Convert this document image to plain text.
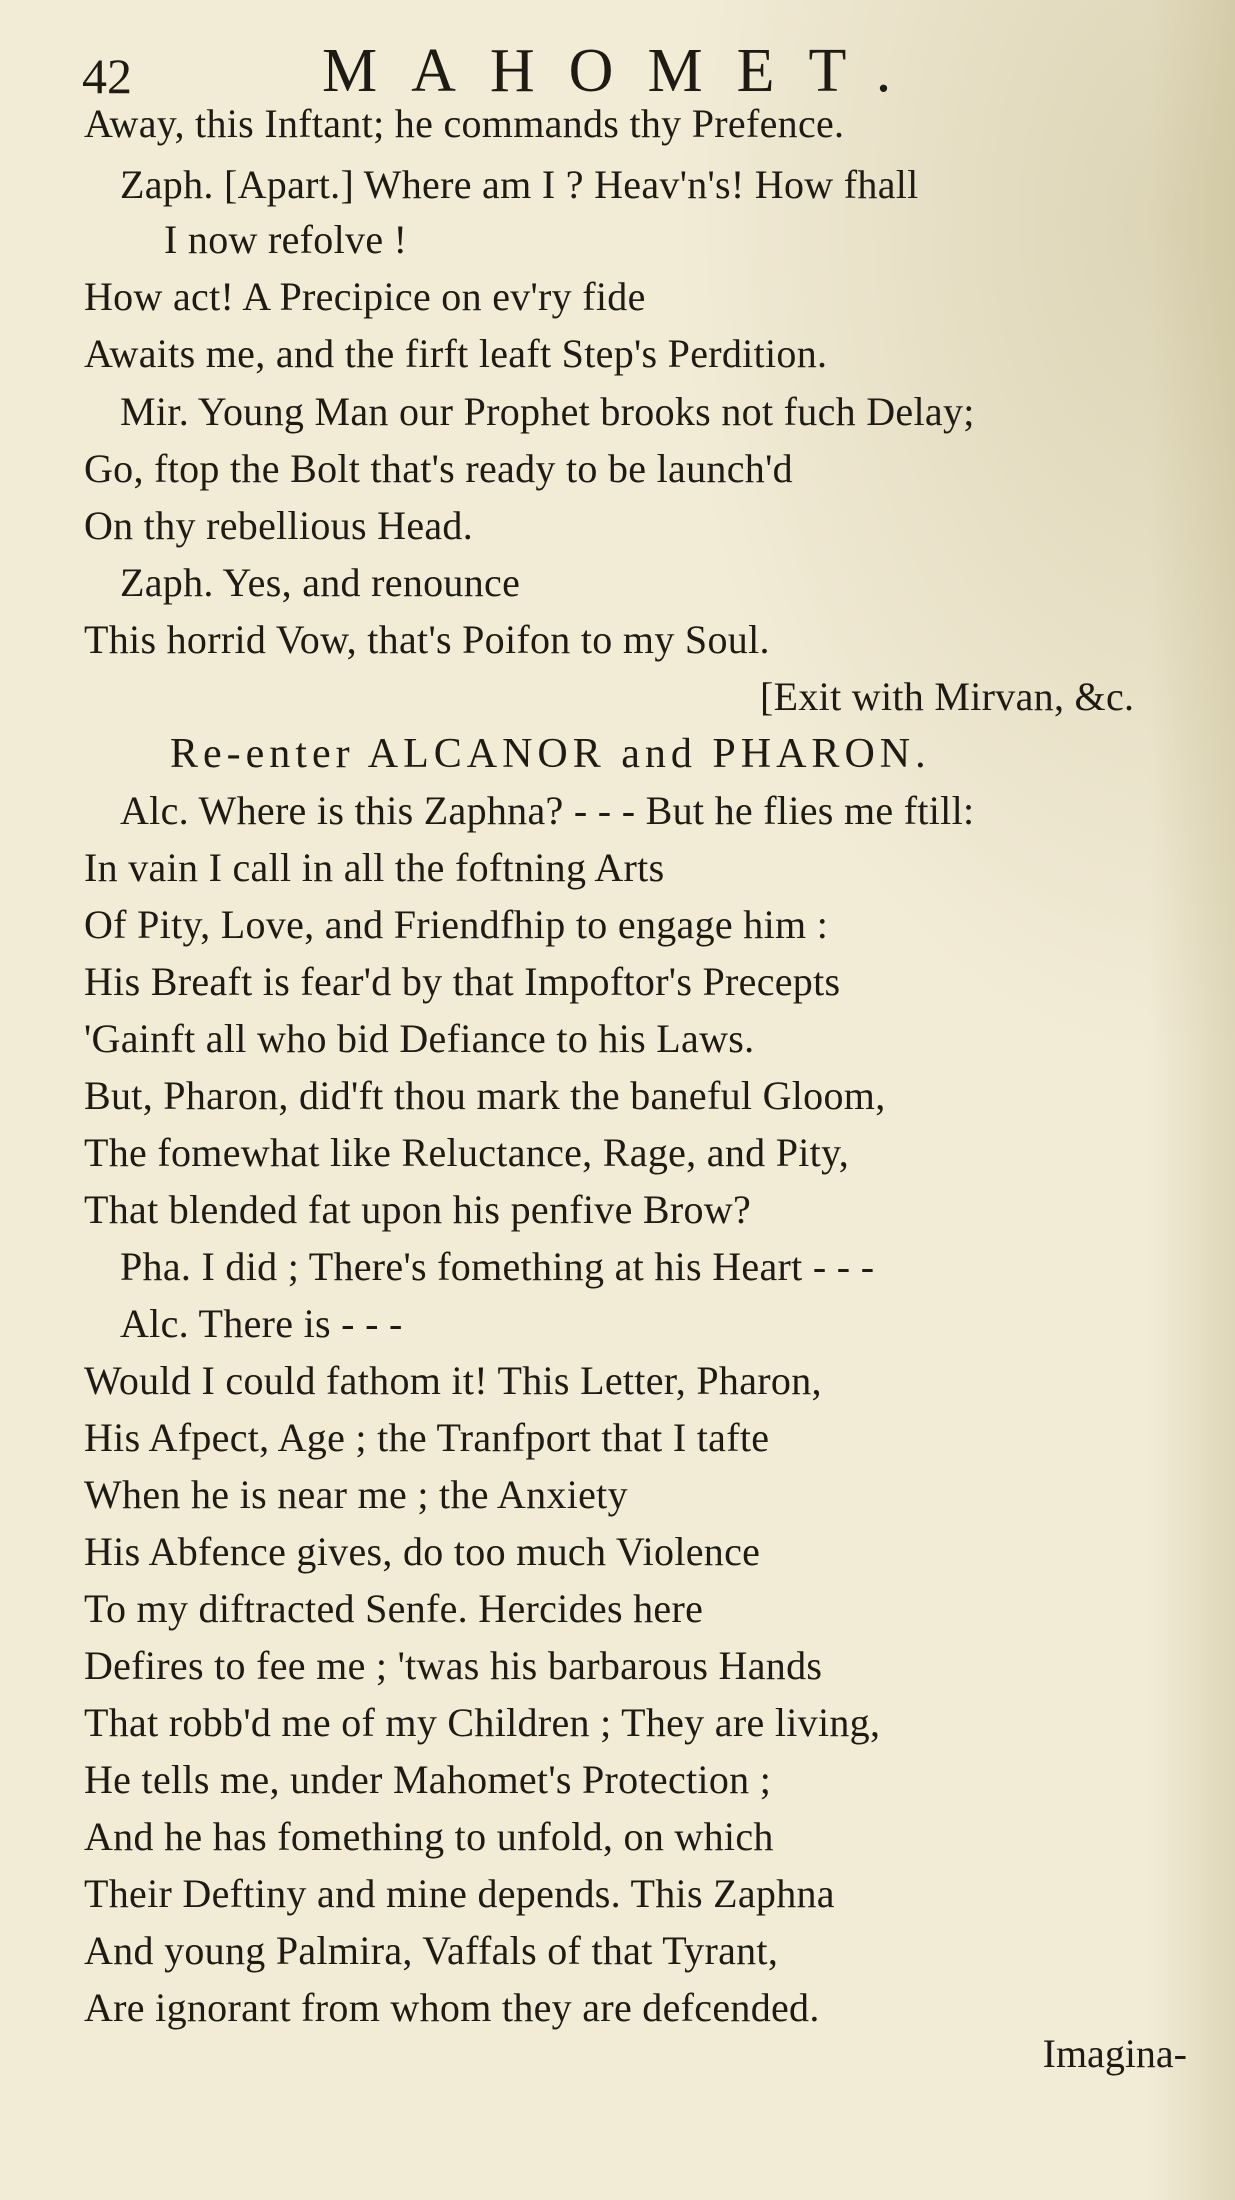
42	MAHOMET.
Away, this Inftant; he commands thy Prefence.
Zaph. [Apart.] Where am I ? Heav'n's! How fhall
I now refolve !
How act! A Precipice on ev'ry fide
Awaits me, and the firft leaft Step's Perdition.
Mir. Young Man our Prophet brooks not fuch Delay;
Go, ftop the Bolt that's ready to be launch'd
On thy rebellious Head.
Zaph. Yes, and renounce
This horrid Vow, that's Poifon to my Soul.
[Exit with Mirvan, &c.
Re-enter ALCANOR and PHARON.
Alc. Where is this Zaphna? - - - But he flies me ftill:
In vain I call in all the foftning Arts
Of Pity, Love, and Friendfhip to engage him :
His Breaft is fear'd by that Impoftor's Precepts
'Gainft all who bid Defiance to his Laws.
But, Pharon, did'ft thou mark the baneful Gloom,
The fomewhat like Reluctance, Rage, and Pity,
That blended fat upon his penfive Brow?
Pha. I did ; There's fomething at his Heart - - -
Alc. There is - - -
Would I could fathom it! This Letter, Pharon,
His Afpect, Age ; the Tranfport that I tafte
When he is near me ; the Anxiety
His Abfence gives, do too much Violence
To my diftracted Senfe. Hercides here
Defires to fee me ; 'twas his barbarous Hands
That robb'd me of my Children ; They are living,
He tells me, under Mahomet's Protection ;
And he has fomething to unfold, on which
Their Deftiny and mine depends. This Zaphna
And young Palmira, Vaffals of that Tyrant,
Are ignorant from whom they are defcended.
Imagina-
